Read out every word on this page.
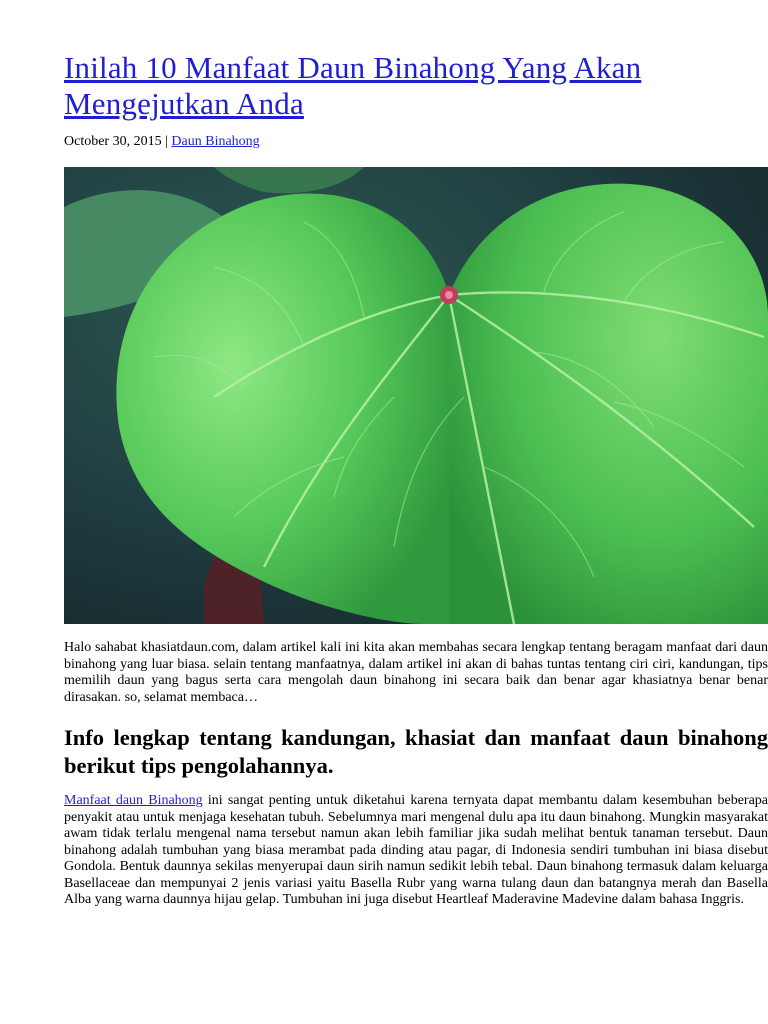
Inilah 10 Manfaat Daun Binahong Yang Akan Mengejutkan Anda
October 30, 2015 | Daun Binahong

Halo sahabat khasiatdaun.com, dalam artikel kali ini kita akan membahas secara lengkap tentang beragam manfaat dari daun binahong yang luar biasa. selain tentang manfaatnya, dalam artikel ini akan di bahas tuntas tentang ciri ciri, kandungan, tips memilih daun yang bagus serta cara mengolah daun binahong ini secara baik dan benar agar khasiatnya benar benar dirasakan. so, selamat membaca…

Info lengkap tentang kandungan, khasiat dan manfaat daun binahong berikut tips pengolahannya.

Manfaat daun Binahong ini sangat penting untuk diketahui karena ternyata dapat membantu dalam kesembuhan beberapa penyakit atau untuk menjaga kesehatan tubuh. Sebelumnya mari mengenal dulu apa itu daun binahong. Mungkin masyarakat awam tidak terlalu mengenal nama tersebut namun akan lebih familiar jika sudah melihat bentuk tanaman tersebut. Daun binahong adalah tumbuhan yang biasa merambat pada dinding atau pagar, di Indonesia sendiri tumbuhan ini biasa disebut Gondola. Bentuk daunnya sekilas menyerupai daun sirih namun sedikit lebih tebal. Daun binahong termasuk dalam keluarga Basellaceae dan mempunyai 2 jenis variasi yaitu Basella Rubr yang warna tulang daun dan batangnya merah dan Basella Alba yang warna daunnya hijau gelap. Tumbuhan ini juga disebut Heartleaf Maderavine Madevine dalam bahasa Inggris.
